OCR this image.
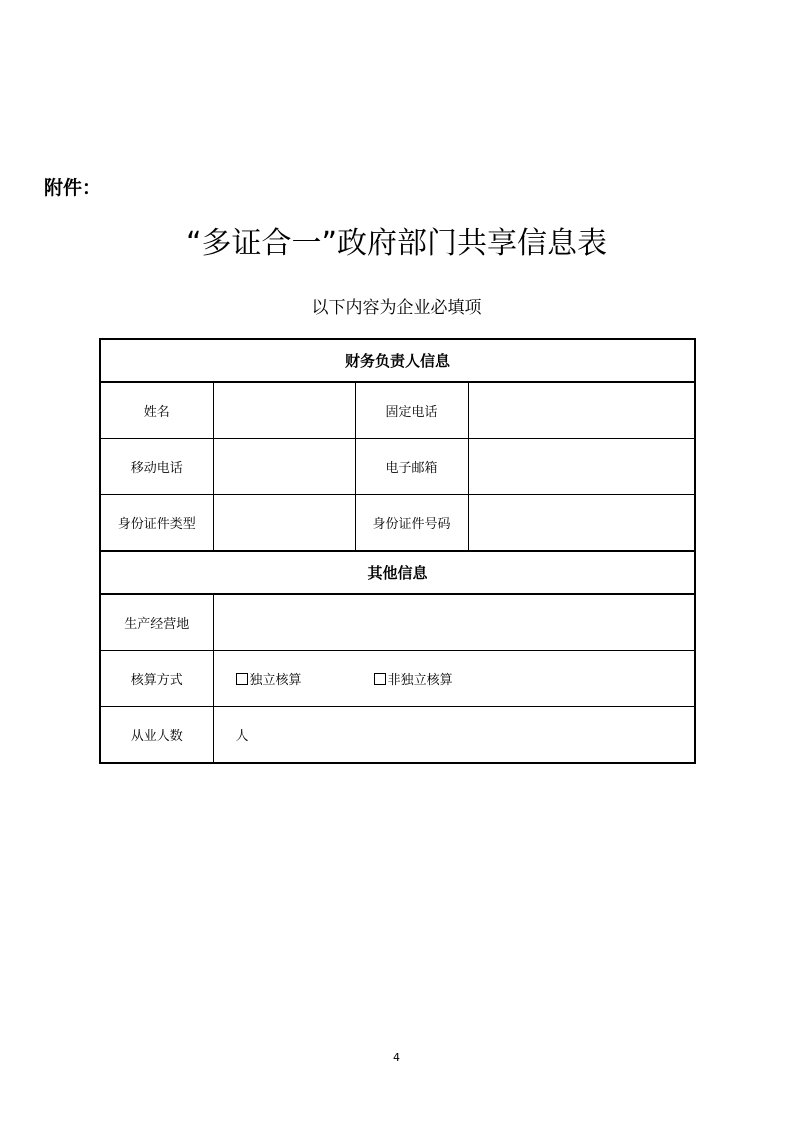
附件：
“多证合一”政府部门共享信息表
以下内容为企业必填项
财务负责人信息			
姓名		固定电话	
移动电话		电子邮箱	
身份证件类型		身份证件号码	
其他信息			
生产经营地			
核算方式	独立核算 非独立核算		
从业人数	人		
4
